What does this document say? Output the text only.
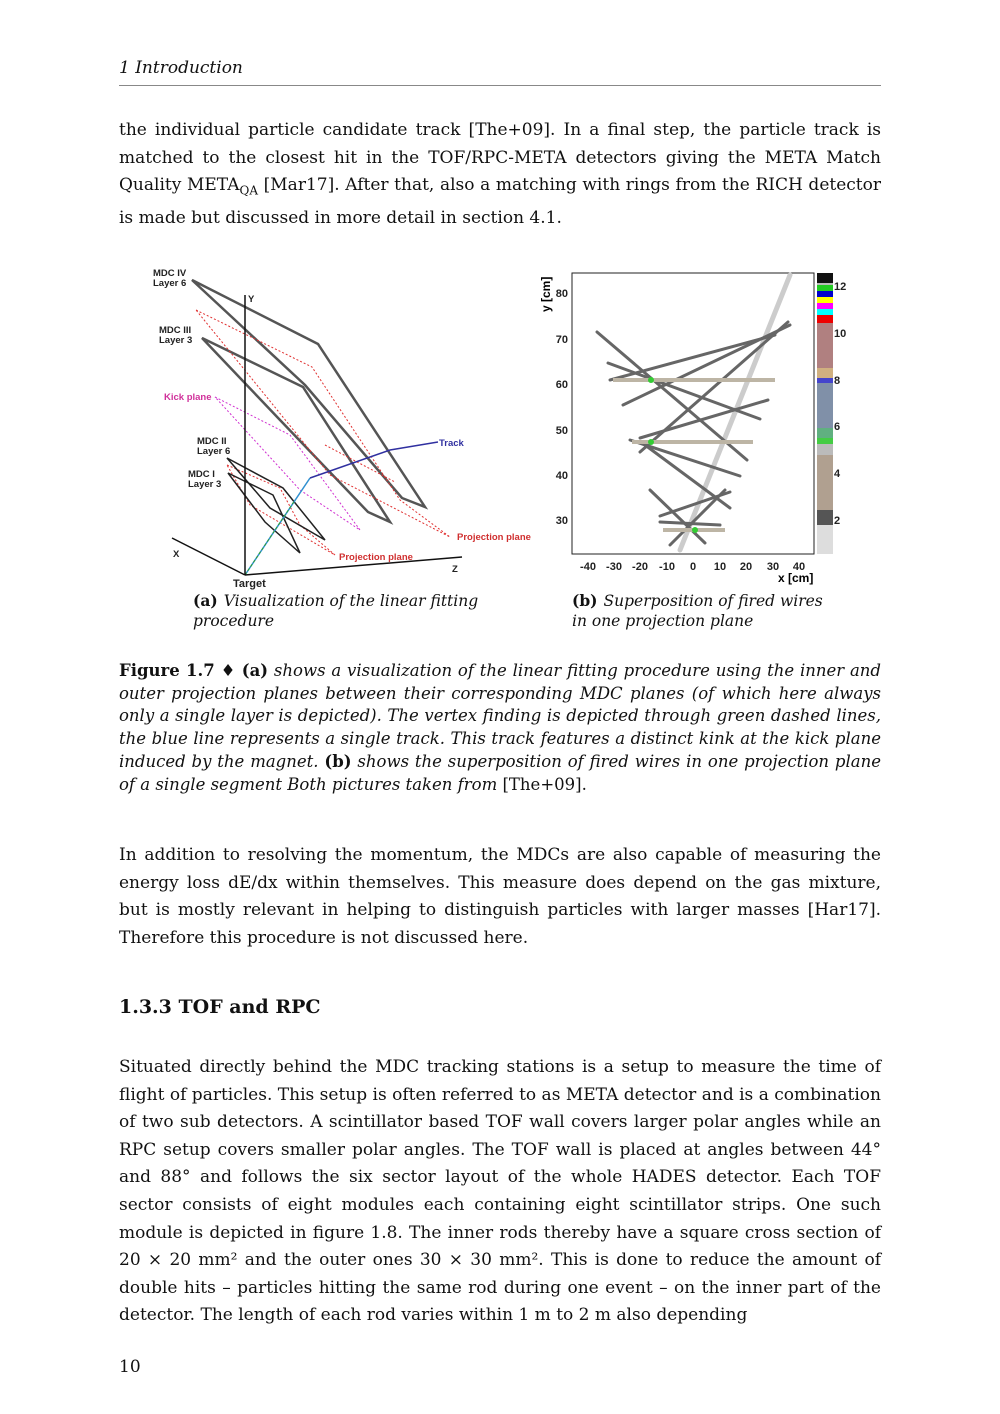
1 Introduction
the individual particle candidate track [The+09]. In a final step, the particle track is matched to the closest hit in the TOF/RPC-META detectors giving the META Match Quality $META_{QA}$ [Mar17]. After that, also a matching with rings from the RICH detector is made but discussed in more detail in section 4.1.
MDC IV
Layer 6
MDC III
Layer 3
MDC II
Layer 6
MDC I
Layer 3
Kick plane
Track
Projection plane
Projection plane
Y
X
Z
Target
(a) Visualization of the linear fitting procedure
80
70
60
50
40
30
-40 -30 -20 -10 0 10 20 30 40
x [cm]
y [cm]	12
10
8
6
4
2
(b) Superposition of fired wires in one projection plane
Figure 1.7 ♦ (a) shows a visualization of the linear fitting procedure using the inner and outer projection planes between their corresponding MDC planes (of which here always only a single layer is depicted). The vertex finding is depicted through green dashed lines, the blue line represents a single track. This track features a distinct kink at the kick plane induced by the magnet. (b) shows the superposition of fired wires in one projection plane of a single segment Both pictures taken from [The+09].
In addition to resolving the momentum, the MDCs are also capable of measuring the energy loss dE/dx within themselves. This measure does depend on the gas mixture, but is mostly relevant in helping to distinguish particles with larger masses [Har17]. Therefore this procedure is not discussed here.
1.3.3 TOF and RPC
Situated directly behind the MDC tracking stations is a setup to measure the time of flight of particles. This setup is often referred to as META detector and is a combination of two sub detectors. A scintillator based TOF wall covers larger polar angles while an RPC setup covers smaller polar angles. The TOF wall is placed at angles between 44° and 88° and follows the six sector layout of the whole HADES detector. Each TOF sector consists of eight modules each containing eight scintillator strips. One such module is depicted in figure 1.8. The inner rods thereby have a square cross section of 20 × 20 mm² and the outer ones 30 × 30 mm². This is done to reduce the amount of double hits – particles hitting the same rod during one event – on the inner part of the detector. The length of each rod varies within 1 m to 2 m also depending
10
